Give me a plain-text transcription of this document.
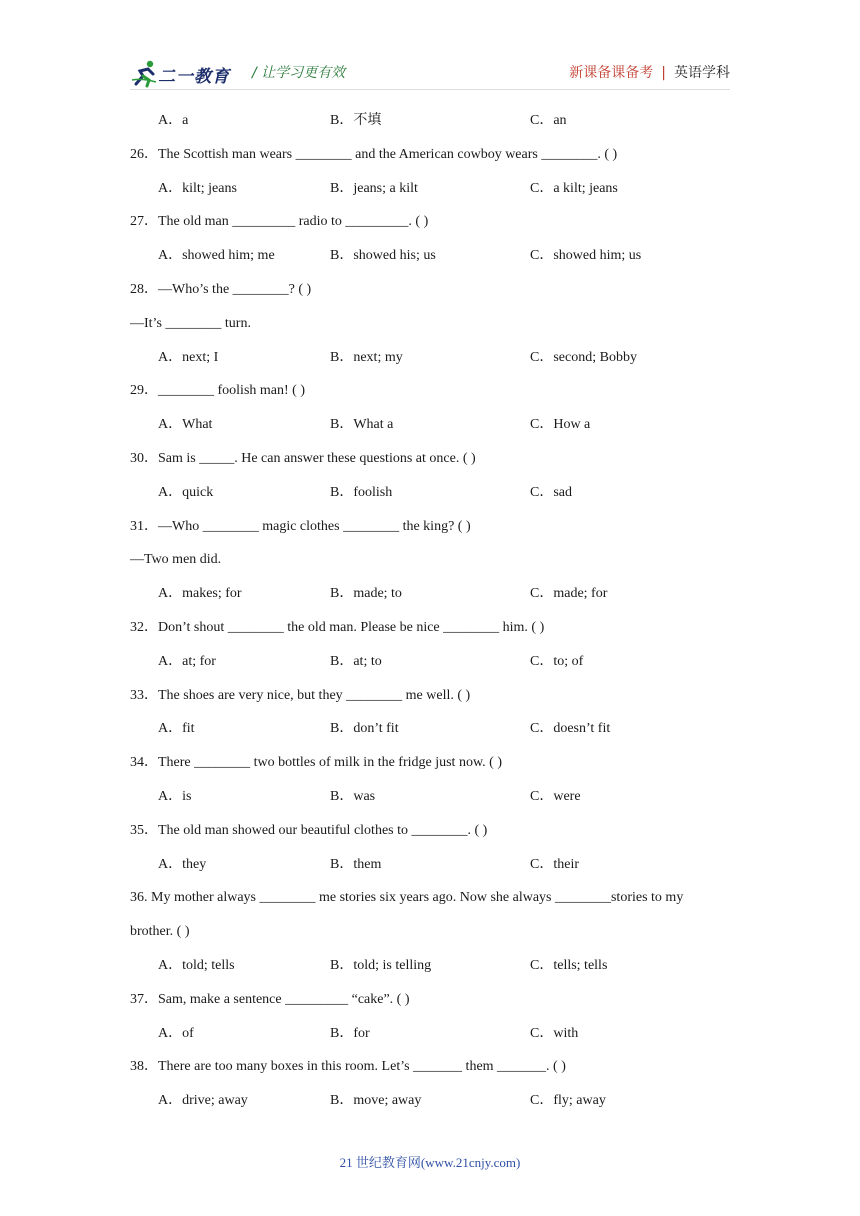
二一教育 / 让学习更有效	新课备课备考 | 英语学科
A．a	B．不填	C．an
26．The Scottish man wears ________ and the American cowboy wears ________. ( )
A．kilt; jeans	B．jeans; a kilt	C．a kilt; jeans
27．The old man _________ radio to _________. ( )
A．showed him; me	B．showed his; us	C．showed him; us
28．—Who’s the ________? ( )
—It’s ________ turn.
A．next; I	B．next; my	C．second; Bobby
29．________ foolish man! ( )
A．What	B．What a	C．How a
30．Sam is _____. He can answer these questions at once. ( )
A．quick	B．foolish	C．sad
31．—Who ________ magic clothes ________ the king? ( )
—Two men did.
A．makes; for	B．made; to	C．made; for
32．Don’t shout ________ the old man. Please be nice ________ him. ( )
A．at; for	B．at; to	C．to; of
33．The shoes are very nice, but they ________ me well. ( )
A．fit	B．don’t fit	C．doesn’t fit
34．There ________ two bottles of milk in the fridge just now. ( )
A．is	B．was	C．were
35．The old man showed our beautiful clothes to ________. ( )
A．they	B．them	C．their
36. My mother always ________ me stories six years ago. Now she always ________stories to my
brother. ( )
A．told; tells	B．told; is telling	C．tells; tells
37．Sam, make a sentence _________ “cake”. ( )
A．of	B．for	C．with
38．There are too many boxes in this room. Let’s _______ them _______. ( )
A．drive; away	B．move; away	C．fly; away
21 世纪教育网(www.21cnjy.com)
